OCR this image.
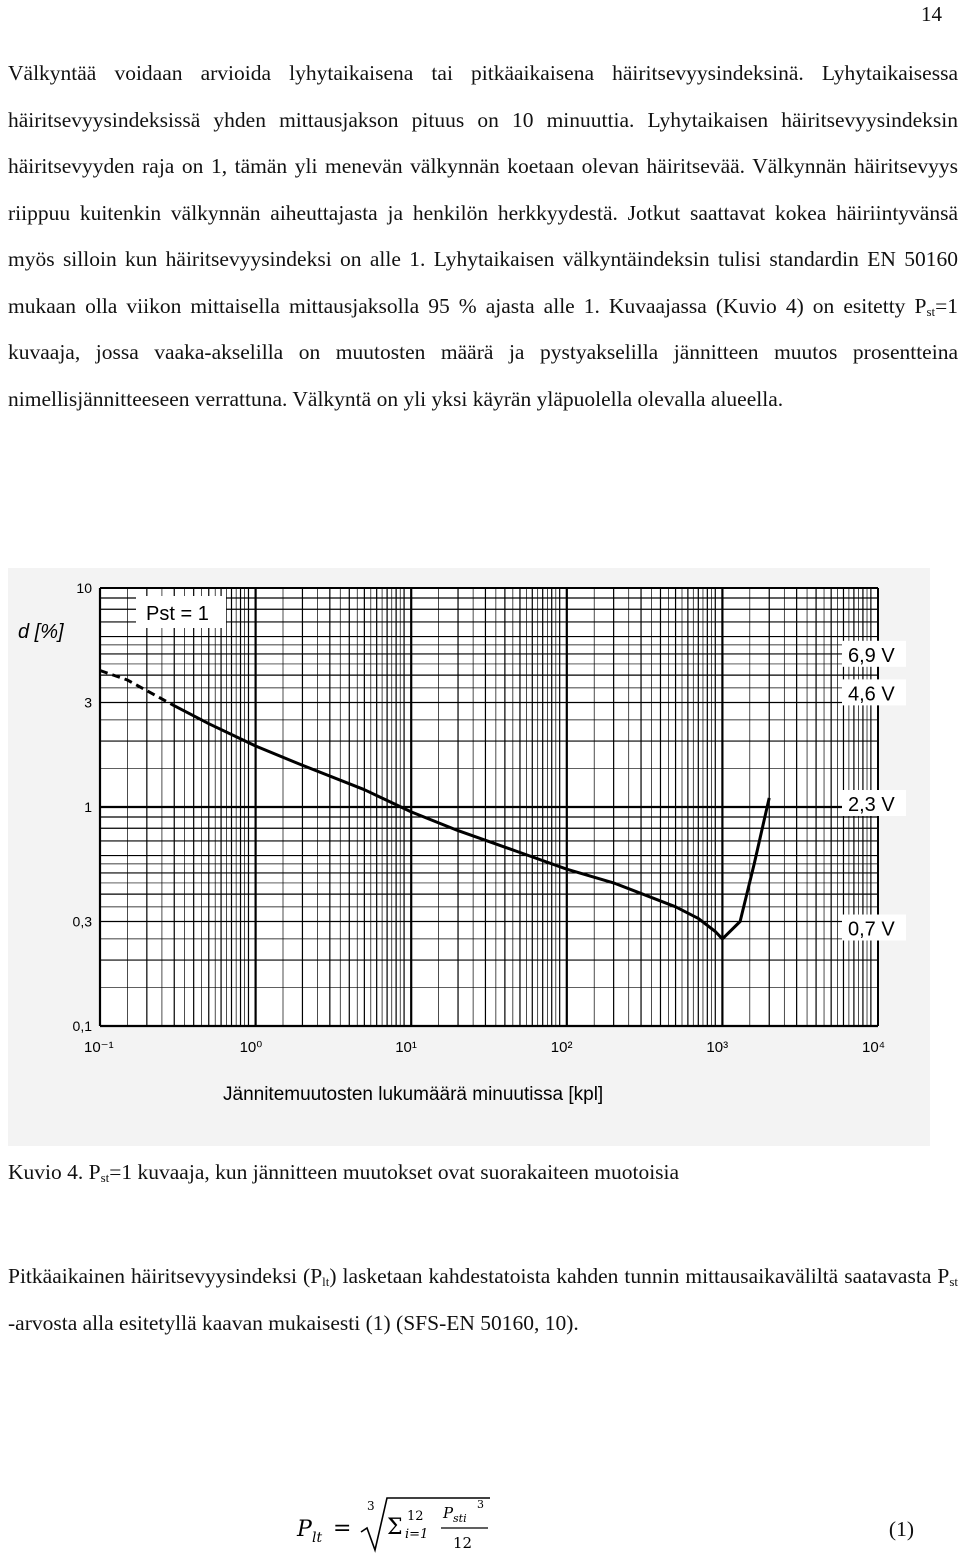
14

Välkyntää voidaan arvioida lyhytaikaisena tai pitkäaikaisena häiritsevyysindeksinä. Lyhytaikaisessa häiritsevyysindeksissä yhden mittausjakson pituus on 10 minuuttia. Lyhytaikaisen häiritsevyysindeksin häiritsevyyden raja on 1, tämän yli menevän välkynnän koetaan olevan häiritsevää. Välkynnän häiritsevyys riippuu kuitenkin välkynnän aiheuttajasta ja henkilön herkkyydestä. Jotkut saattavat kokea häiriintyvänsä myös silloin kun häiritsevyysindeksi on alle 1. Lyhytaikaisen välkyntäindeksin tulisi standardin EN 50160 mukaan olla viikon mittaisella mittausjaksolla 95 % ajasta alle 1. Kuvaajassa (Kuvio 4) on esitetty $P_{st}=1$ kuvaaja, jossa vaaka-akselilla on muutosten määrä ja pystyakselilla jännitteen muutos prosentteina nimellisjännitteeseen verrattuna. Välkyntä on yli yksi käyrän yläpuolella olevalla alueella.

10⁻¹	10⁰	10¹	10²	10³	10⁴
10
3
1
0,3
0,1
d [%]
Jännitemuutosten lukumäärä minuutissa [kpl]
Pst = 1
6,9 V
4,6 V
2,3 V
0,7 V

Kuvio 4. $P_{st}=1$ kuvaaja, kun jännitteen muutokset ovat suorakaiteen muotoisia

Pitkäaikainen häiritsevyysindeksi $(P_{lt})$ lasketaan kahdestatoista kahden tunnin mittausaikaväliltä saatavasta $P_{st}$ -arvosta alla esitetyllä kaavan mukaisesti (1) (SFS-EN 50160, 10).

P lt =
3
Σ 12
i=1
P sti
3
12
(1)
